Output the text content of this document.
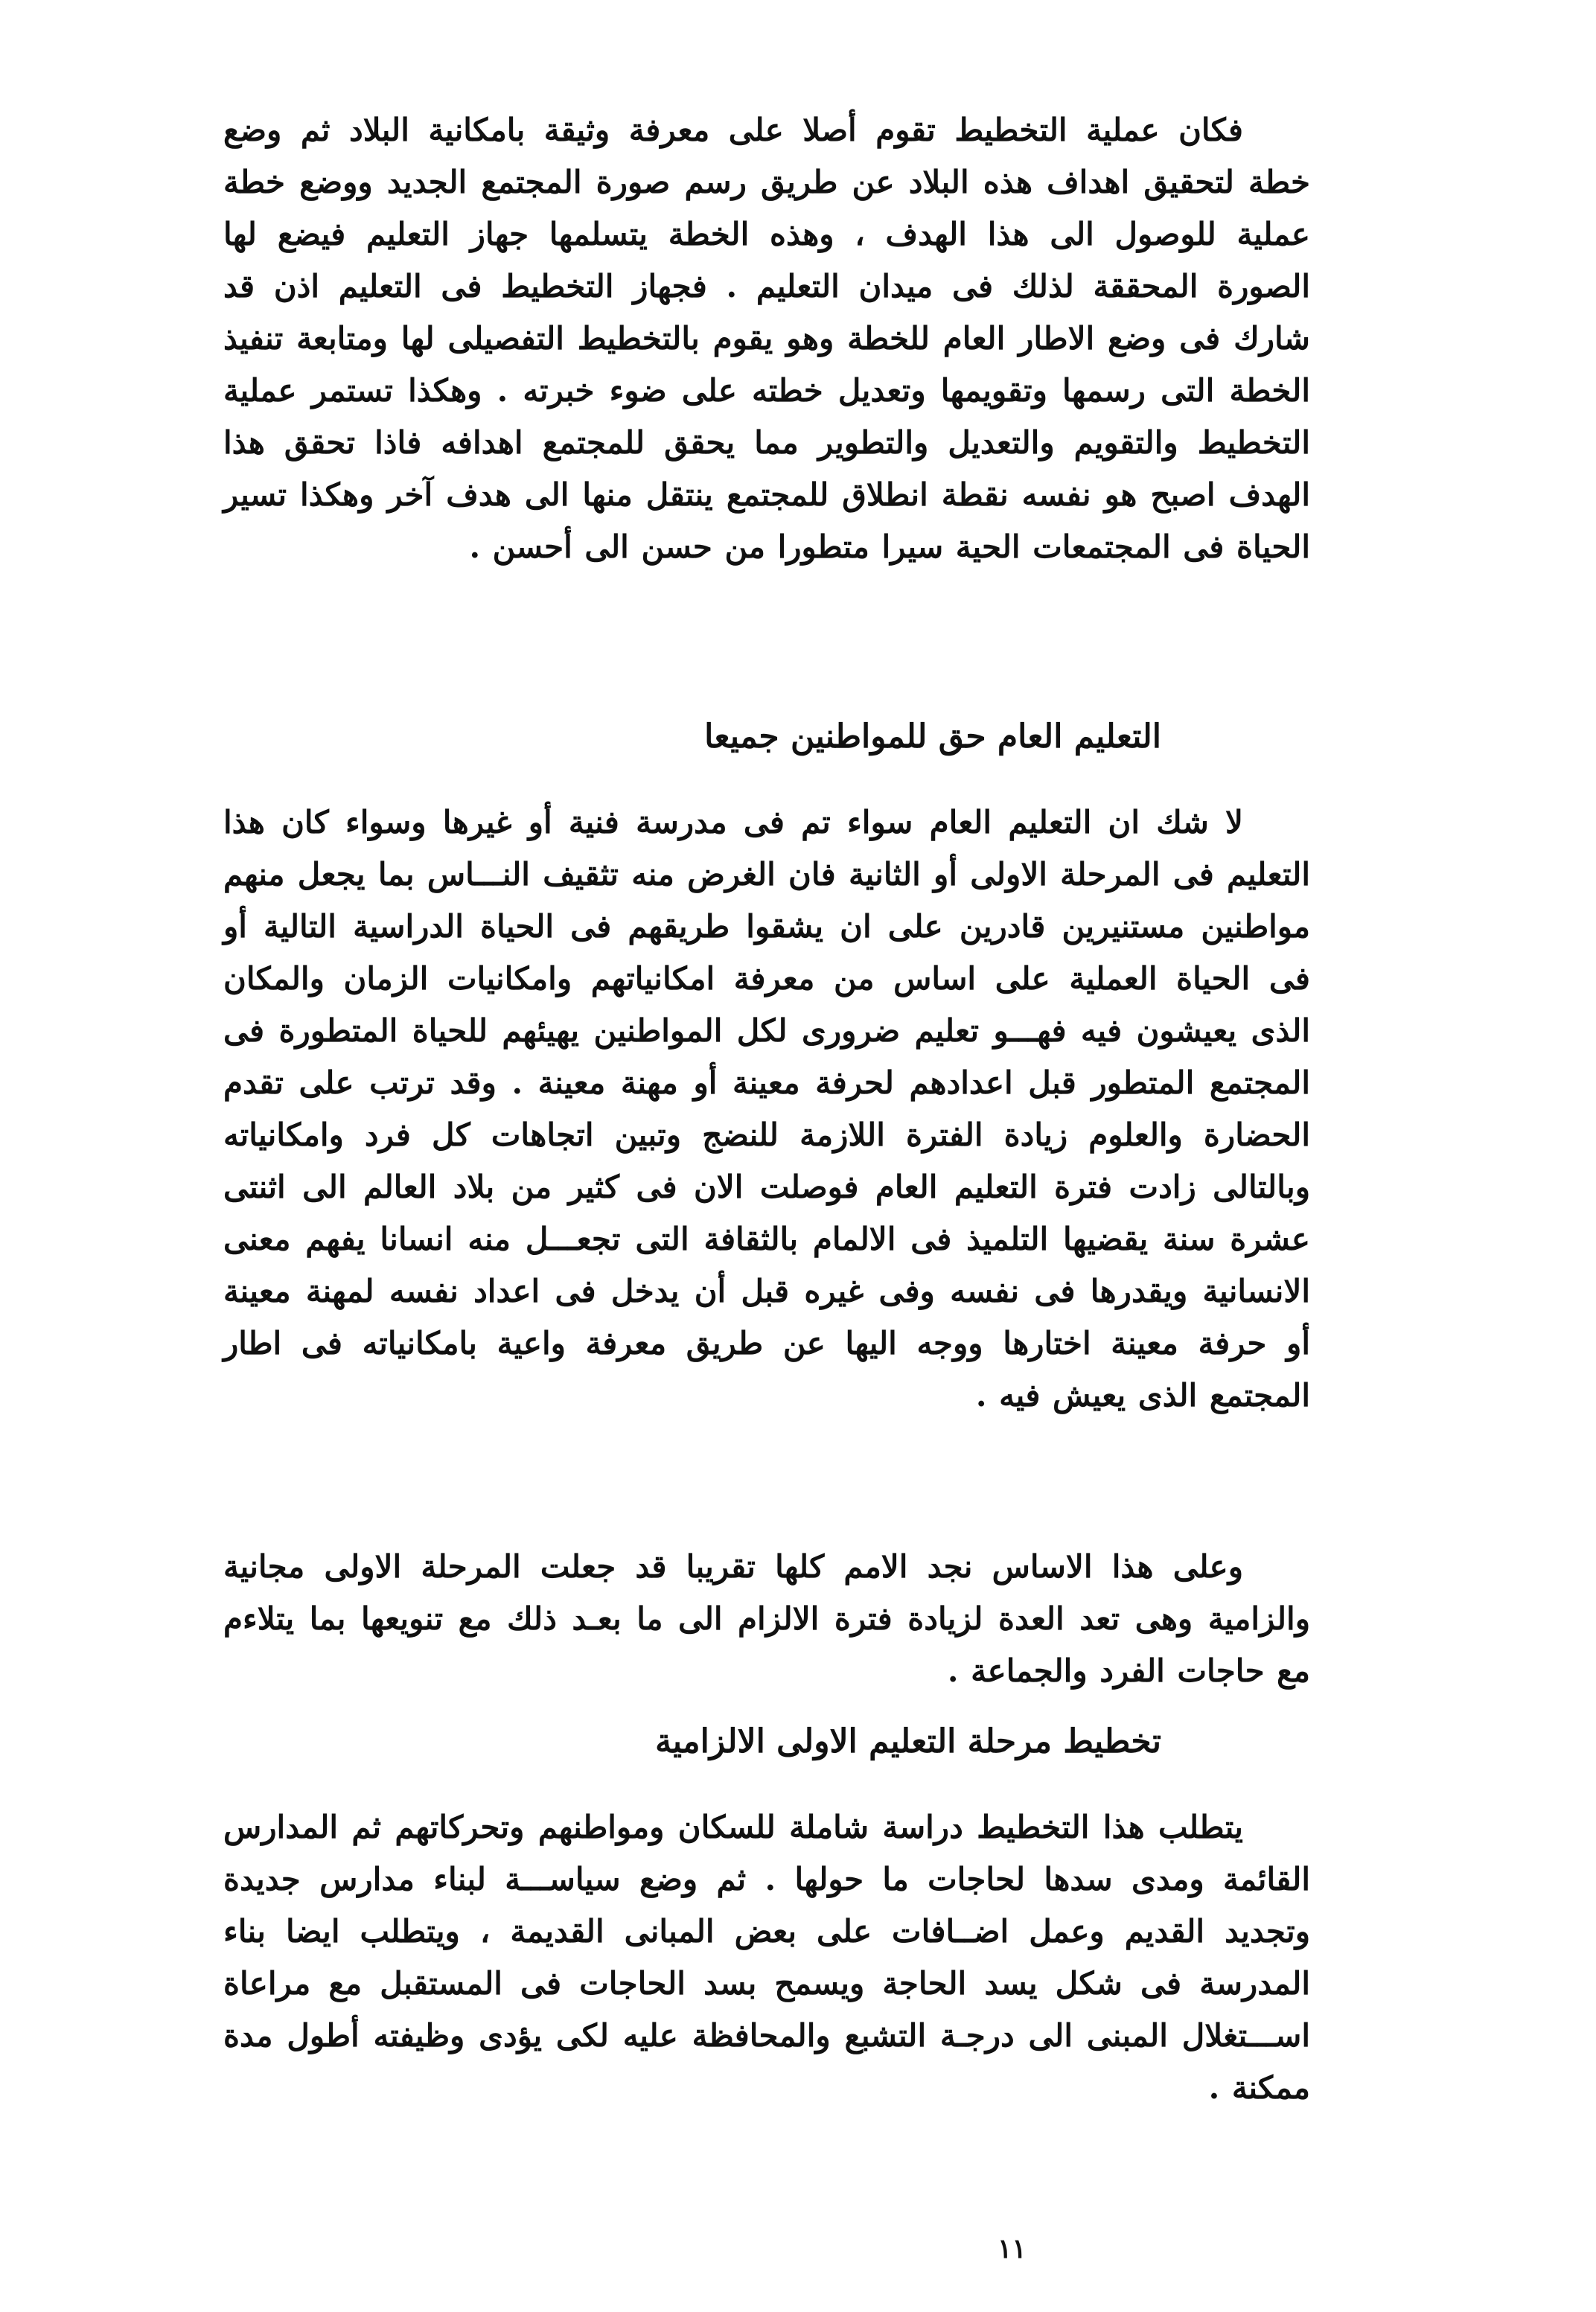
فكان عملية التخطيط تقوم أصلا على معرفة وثيقة بامكانية البلاد ثم وضع خطة لتحقيق اهداف هذه البلاد عن طريق رسم صورة المجتمع الجديد ووضع خطة عملية للوصول الى هذا الهدف ، وهذه الخطة يتسلمها جهاز التعليم فيضع لها الصورة المحققة لذلك فى ميدان التعليم . فجهاز التخطيط فى التعليم اذن قد شارك فى وضع الاطار العام للخطة وهو يقوم بالتخطيط التفصيلى لها ومتابعة تنفيذ الخطة التى رسمها وتقويمها وتعديل خطته على ضوء خبرته . وهكذا تستمر عملية التخطيط والتقويم والتعديل والتطوير مما يحقق للمجتمع اهدافه فاذا تحقق هذا الهدف اصبح هو نفسه نقطة انطلاق للمجتمع ينتقل منها الى هدف آخر وهكذا تسير الحياة فى المجتمعات الحية سيرا متطورا من حسن الى أحسن .

التعليم العام حق للمواطنين جميعا

لا شك ان التعليم العام سواء تم فى مدرسة فنية أو غيرها وسواء كان هذا التعليم فى المرحلة الاولى أو الثانية فان الغرض منه تثقيف النـــاس بما يجعل منهم مواطنين مستنيرين قادرين على ان يشقوا طريقهم فى الحياة الدراسية التالية أو فى الحياة العملية على اساس من معرفة امكانياتهم وامكانيات الزمان والمكان الذى يعيشون فيه فهـــو تعليم ضرورى لكل المواطنين يهيئهم للحياة المتطورة فى المجتمع المتطور قبل اعدادهم لحرفة معينة أو مهنة معينة . وقد ترتب على تقدم الحضارة والعلوم زيادة الفترة اللازمة للنضج وتبين اتجاهات كل فرد وامكانياته وبالتالى زادت فترة التعليم العام فوصلت الان فى كثير من بلاد العالم الى اثنتى عشرة سنة يقضيها التلميذ فى الالمام بالثقافة التى تجعـــل منه انسانا يفهم معنى الانسانية ويقدرها فى نفسه وفى غيره قبل أن يدخل فى اعداد نفسه لمهنة معينة أو حرفة معينة اختارها ووجه اليها عن طريق معرفة واعية بامكانياته فى اطار المجتمع الذى يعيش فيه .

وعلى هذا الاساس نجد الامم كلها تقريبا قد جعلت المرحلة الاولى مجانية والزامية وهى تعد العدة لزيادة فترة الالزام الى ما بعـد ذلك مع تنويعها بما يتلاءم مع حاجات الفرد والجماعة .

تخطيط مرحلة التعليم الاولى الالزامية

يتطلب هذا التخطيط دراسة شاملة للسكان ومواطنهم وتحركاتهم ثم المدارس القائمة ومدى سدها لحاجات ما حولها . ثم وضع سياســـة لبناء مدارس جديدة وتجديد القديم وعمل اضــافات على بعض المبانى القديمة ، ويتطلب ايضا بناء المدرسة فى شكل يسد الحاجة ويسمح بسد الحاجات فى المستقبل مع مراعاة اســـتغلال المبنى الى درجـة التشبع والمحافظة عليه لكى يؤدى وظيفته أطول مدة ممكنة .

١١
